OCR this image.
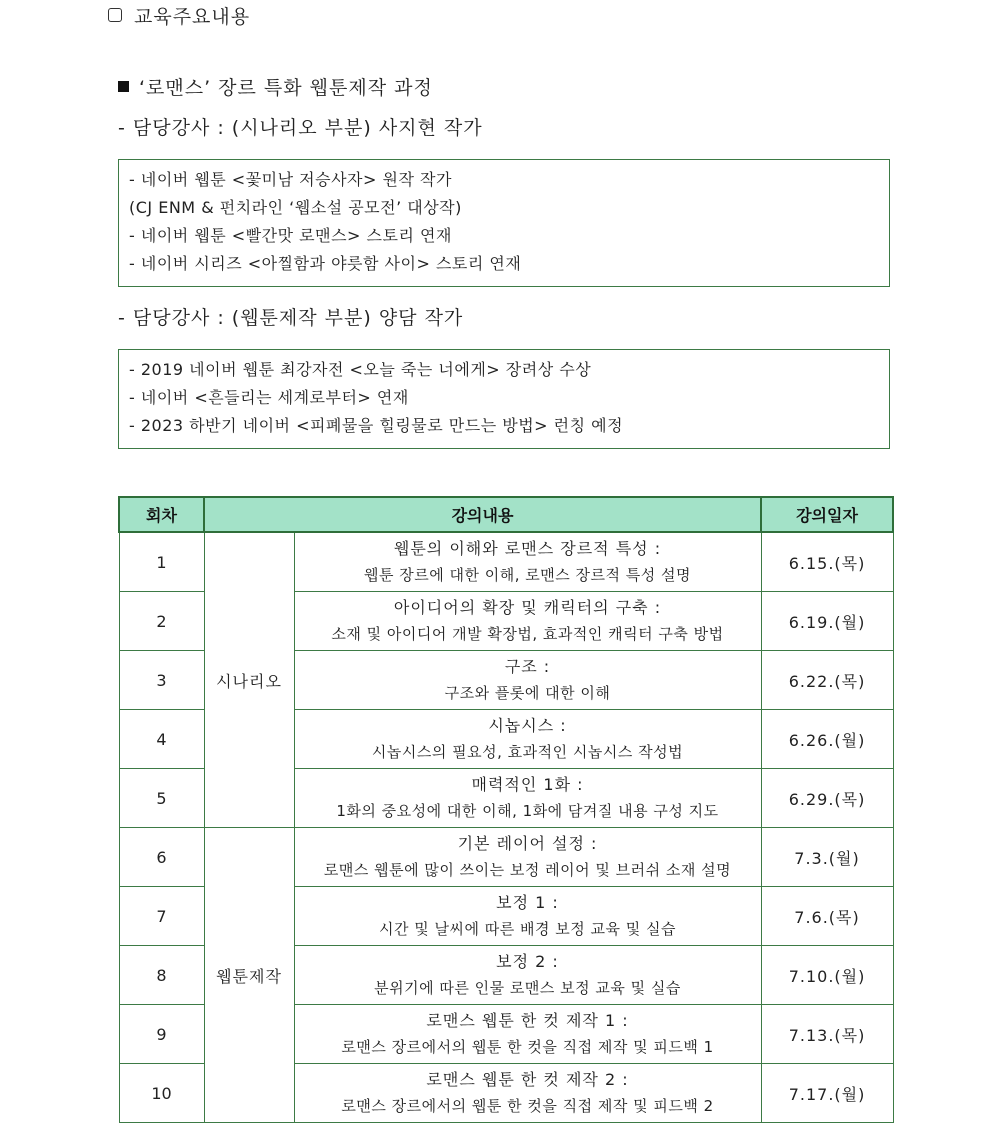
교육주요내용
‘로맨스’ 장르 특화 웹툰제작 과정
- 담당강사 : (시나리오 부분) 사지현 작가
- 네이버 웹툰 <꽃미남 저승사자> 원작 작가
(CJ ENM & 펀치라인 ‘웹소설 공모전’ 대상작)
- 네이버 웹툰 <빨간맛 로맨스> 스토리 연재
- 네이버 시리즈 <아찔함과 야릇함 사이> 스토리 연재
- 담당강사 : (웹툰제작 부분) 양담 작가
- 2019 네이버 웹툰 최강자전 <오늘 죽는 너에게> 장려상 수상
- 네이버 <흔들리는 세계로부터> 연재
- 2023 하반기 네이버 <피폐물을 힐링물로 만드는 방법> 런칭 예정
회차	강의내용		강의일자
1	시나리오	웹툰의 이해와 로맨스 장르적 특성 :
웹툰 장르에 대한 이해, 로맨스 장르적 특성 설명	6.15.(목)
2		아이디어의 확장 및 캐릭터의 구축 :
소재 및 아이디어 개발 확장법, 효과적인 캐릭터 구축 방법	6.19.(월)
3		구조 :
구조와 플롯에 대한 이해	6.22.(목)
4		시놉시스 :
시놉시스의 필요성, 효과적인 시놉시스 작성법	6.26.(월)
5		매력적인 1화 :
1화의 중요성에 대한 이해, 1화에 담겨질 내용 구성 지도	6.29.(목)
6	웹툰제작	기본 레이어 설정 :
로맨스 웹툰에 많이 쓰이는 보정 레이어 및 브러쉬 소재 설명	7.3.(월)
7		보정 1 :
시간 및 날씨에 따른 배경 보정 교육 및 실습	7.6.(목)
8		보정 2 :
분위기에 따른 인물 로맨스 보정 교육 및 실습	7.10.(월)
9		로맨스 웹툰 한 컷 제작 1 :
로맨스 장르에서의 웹툰 한 컷을 직접 제작 및 피드백 1	7.13.(목)
10		로맨스 웹툰 한 컷 제작 2 :
로맨스 장르에서의 웹툰 한 컷을 직접 제작 및 피드백 2	7.17.(월)
